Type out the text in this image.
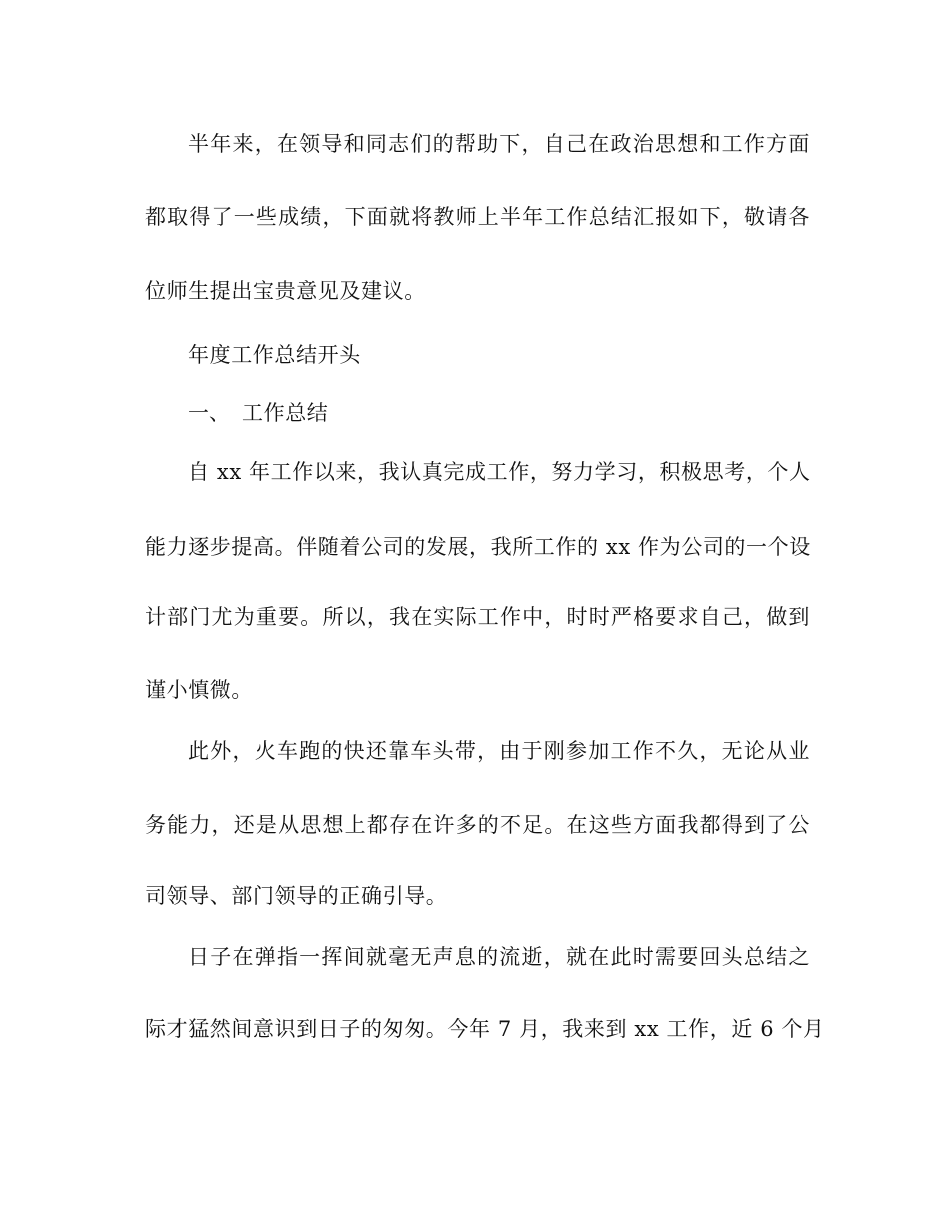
半年来，在领导和同志们的帮助下，自己在政治思想和工作方面
都取得了一些成绩，下面就将教师上半年工作总结汇报如下，敬请各
位师生提出宝贵意见及建议。
年度工作总结开头
一、 工作总结
自 xx 年工作以来，我认真完成工作，努力学习，积极思考，个人
能力逐步提高。伴随着公司的发展，我所工作的 xx 作为公司的一个设
计部门尤为重要。所以，我在实际工作中，时时严格要求自己，做到
谨小慎微。
此外，火车跑的快还靠车头带，由于刚参加工作不久，无论从业
务能力，还是从思想上都存在许多的不足。在这些方面我都得到了公
司领导、部门领导的正确引导。
日子在弹指一挥间就毫无声息的流逝，就在此时需要回头总结之
际才猛然间意识到日子的匆匆。今年 7 月，我来到 xx 工作，近 6 个月
